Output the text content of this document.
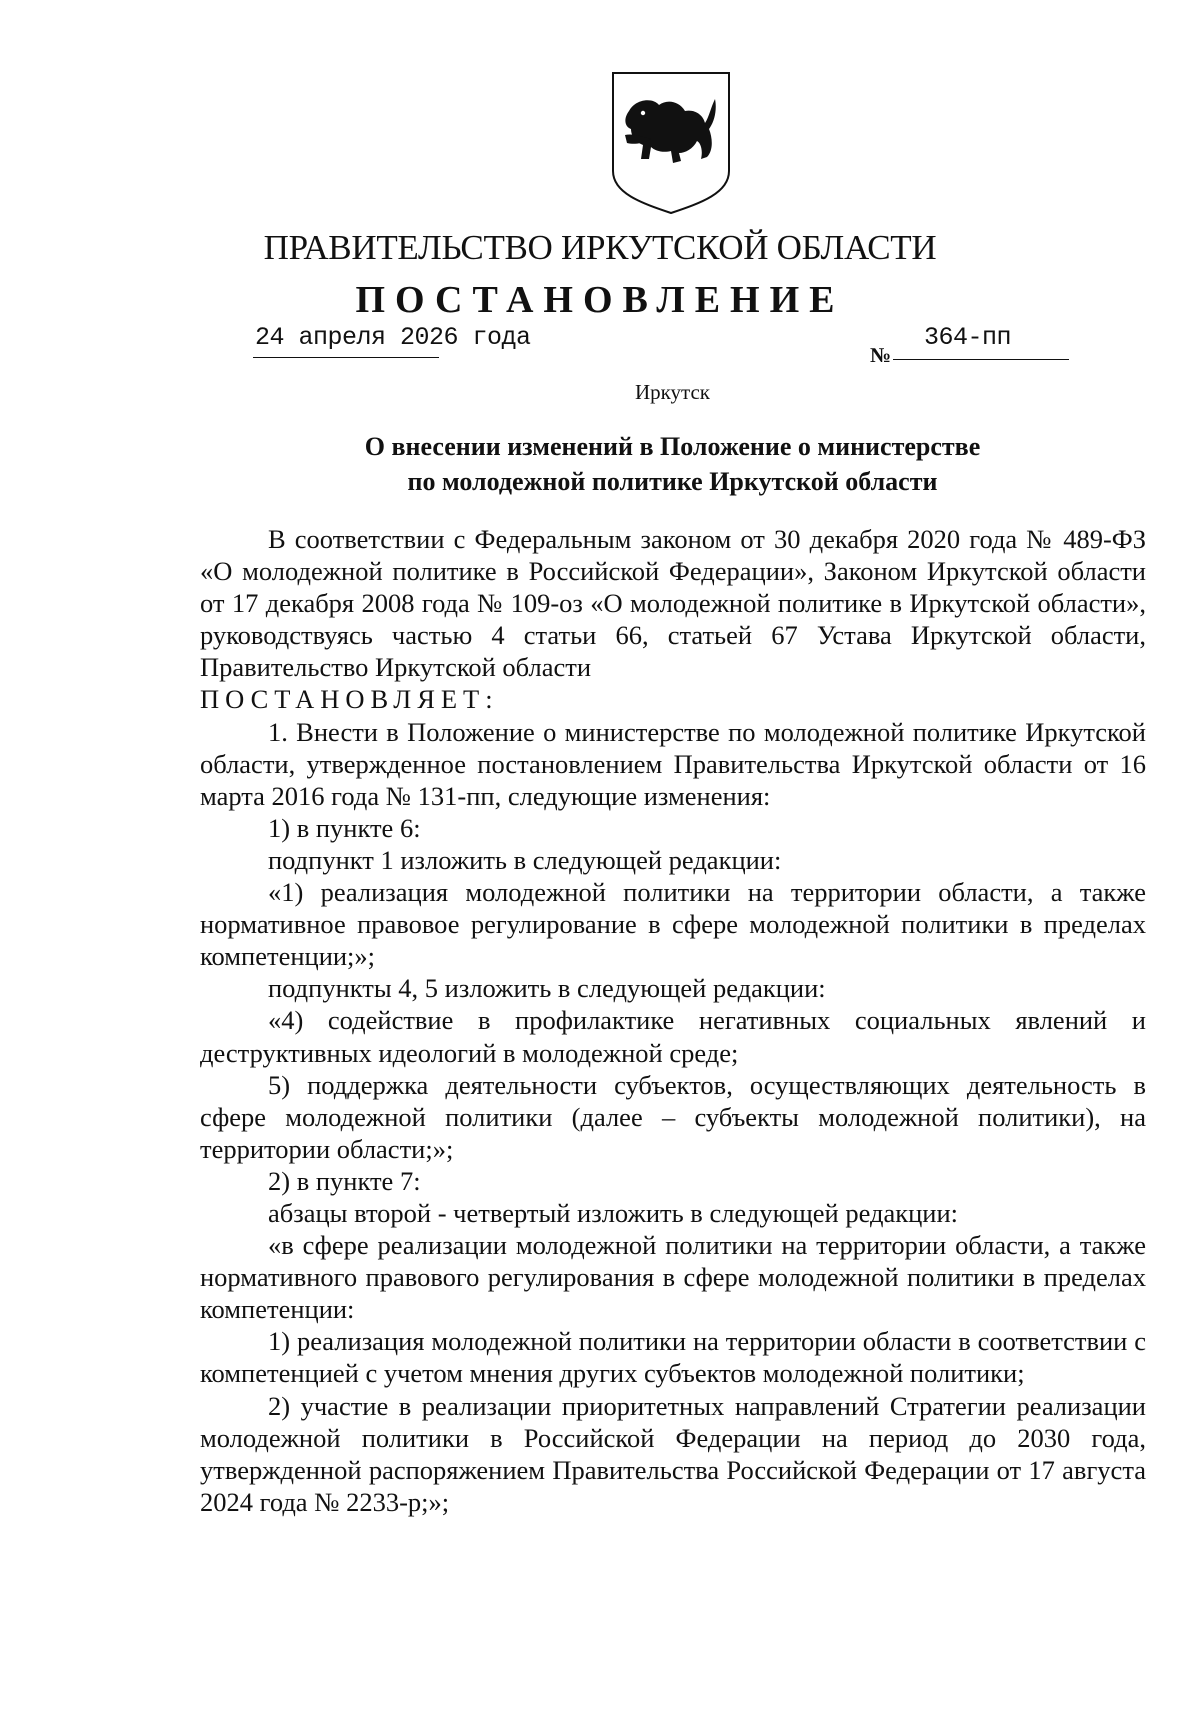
ПРАВИТЕЛЬСТВО ИРКУТСКОЙ ОБЛАСТИ
ПОСТАНОВЛЕНИЕ
24 апреля 2026 года
№
364-пп
Иркутск
О внесении изменений в Положение о министерстве
по молодежной политике Иркутской области

В соответствии с Федеральным законом от 30 декабря 2020 года № 489-ФЗ «О молодежной политике в Российской Федерации», Законом Иркутской области от 17 декабря 2008 года № 109-оз «О молодежной политике в Иркутской области», руководствуясь частью 4 статьи 66, статьей 67 Устава Иркутской области, Правительство Иркутской области

ПОСТАНОВЛЯЕТ:

1. Внести в Положение о министерстве по молодежной политике Иркутской области, утвержденное постановлением Правительства Иркутской области от 16 марта 2016 года № 131-пп, следующие изменения:

1) в пункте 6:

подпункт 1 изложить в следующей редакции:

«1) реализация молодежной политики на территории области, а также нормативное правовое регулирование в сфере молодежной политики в пределах компетенции;»;

подпункты 4, 5 изложить в следующей редакции:

«4) содействие в профилактике негативных социальных явлений и деструктивных идеологий в молодежной среде;

5) поддержка деятельности субъектов, осуществляющих деятельность в сфере молодежной политики (далее – субъекты молодежной политики), на территории области;»;

2) в пункте 7:

абзацы второй - четвертый изложить в следующей редакции:

«в сфере реализации молодежной политики на территории области, а также нормативного правового регулирования в сфере молодежной политики в пределах компетенции:

1) реализация молодежной политики на территории области в соответствии с компетенцией с учетом мнения других субъектов молодежной политики;

2) участие в реализации приоритетных направлений Стратегии реализации молодежной политики в Российской Федерации на период до 2030 года, утвержденной распоряжением Правительства Российской Федерации от 17 августа 2024 года № 2233-р;»;
